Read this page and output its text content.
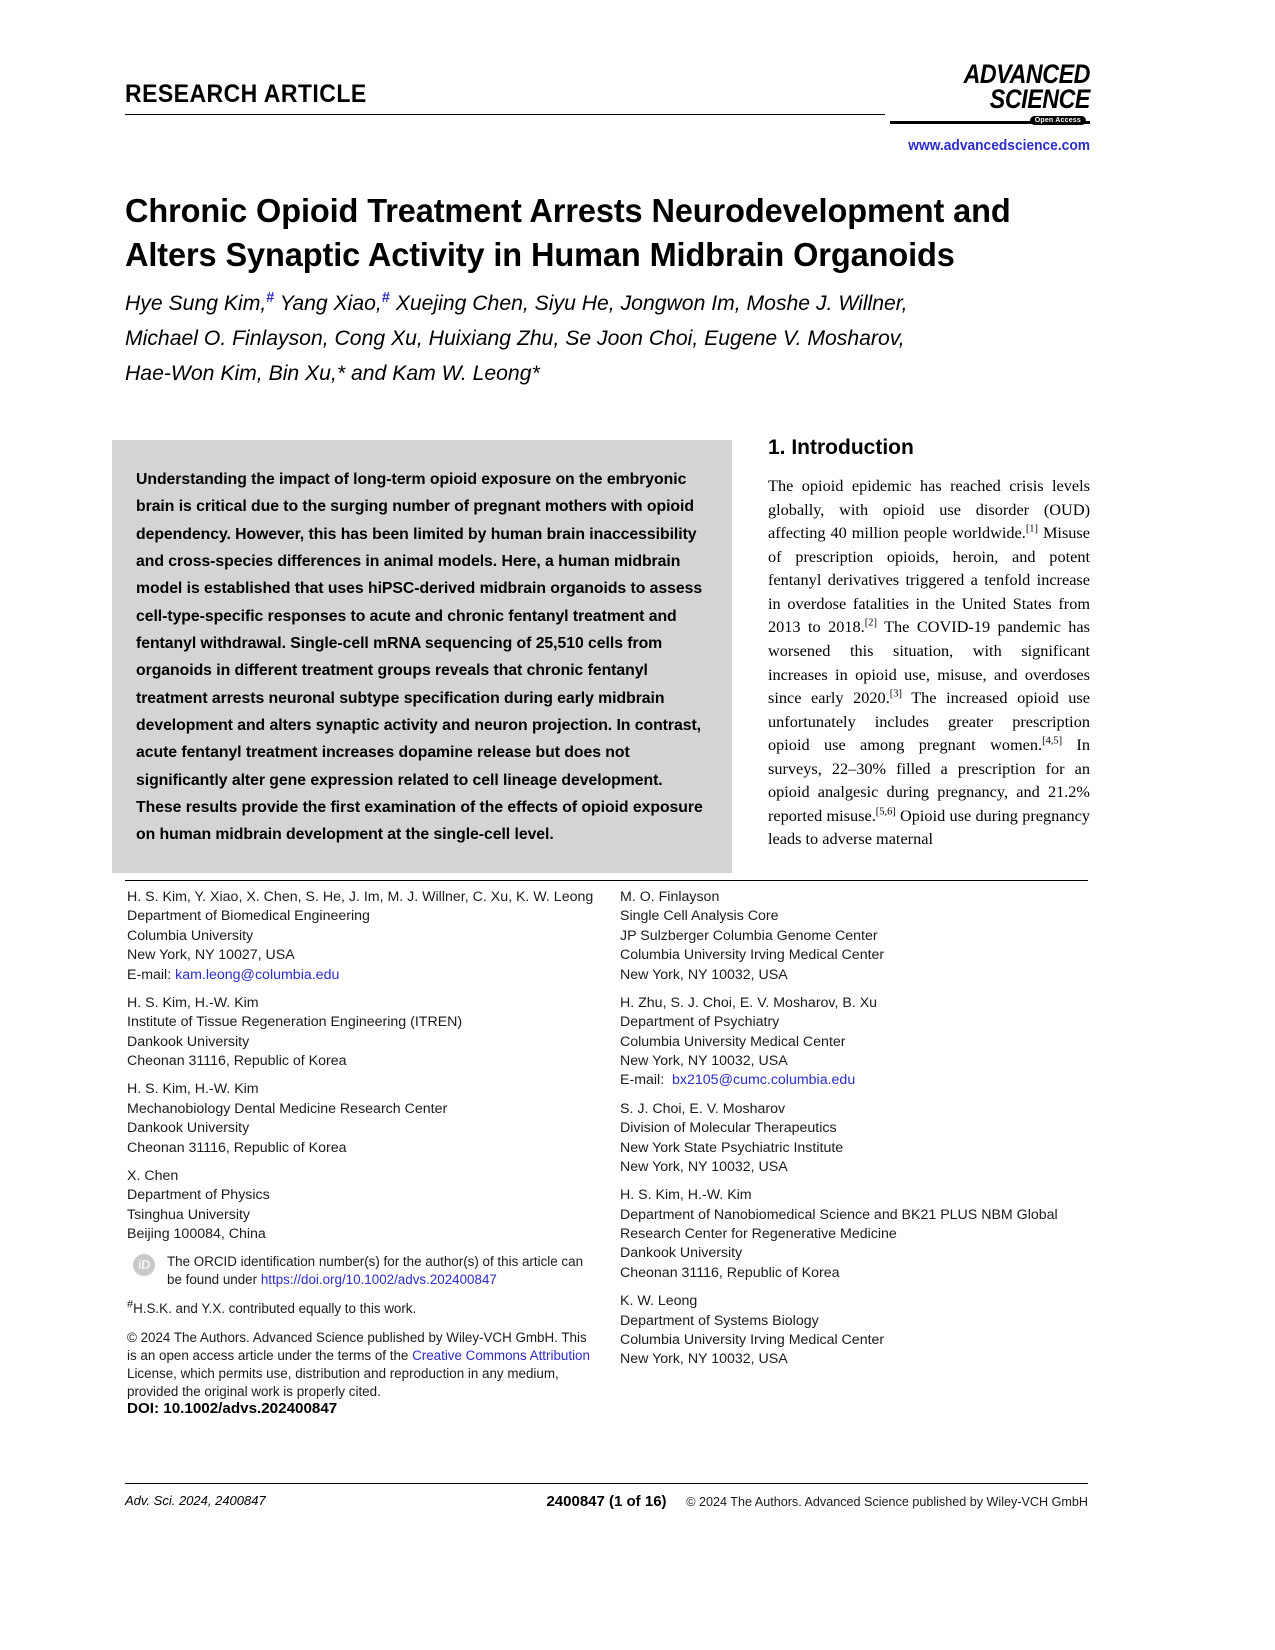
RESEARCH ARTICLE
ADVANCED
SCIENCE
Open Access
www.advancedscience.com
Chronic Opioid Treatment Arrests Neurodevelopment and Alters Synaptic Activity in Human Midbrain Organoids
Hye Sung Kim,# Yang Xiao,# Xuejing Chen, Siyu He, Jongwon Im, Moshe J. Willner,
Michael O. Finlayson, Cong Xu, Huixiang Zhu, Se Joon Choi, Eugene V. Mosharov,
Hae-Won Kim, Bin Xu,* and Kam W. Leong*
Understanding the impact of long-term opioid exposure on the embryonic brain is critical due to the surging number of pregnant mothers with opioid dependency. However, this has been limited by human brain inaccessibility and cross-species differences in animal models. Here, a human midbrain model is established that uses hiPSC-derived midbrain organoids to assess cell-type-specific responses to acute and chronic fentanyl treatment and fentanyl withdrawal. Single-cell mRNA sequencing of 25,510 cells from organoids in different treatment groups reveals that chronic fentanyl treatment arrests neuronal subtype specification during early midbrain development and alters synaptic activity and neuron projection. In contrast, acute fentanyl treatment increases dopamine release but does not significantly alter gene expression related to cell lineage development. These results provide the first examination of the effects of opioid exposure on human midbrain development at the single-cell level.
1. Introduction

The opioid epidemic has reached crisis levels globally, with opioid use disorder (OUD) affecting 40 million people worldwide.[1] Misuse of prescription opioids, heroin, and potent fentanyl derivatives triggered a tenfold increase in overdose fatalities in the United States from 2013 to 2018.[2] The COVID-19 pandemic has worsened this situation, with significant increases in opioid use, misuse, and overdoses since early 2020.[3] The increased opioid use unfortunately includes greater prescription opioid use among pregnant women.[4,5] In surveys, 22–30% filled a prescription for an opioid analgesic during pregnancy, and 21.2% reported misuse.[5,6] Opioid use during pregnancy leads to adverse maternal

H. S. Kim, Y. Xiao, X. Chen, S. He, J. Im, M. J. Willner, C. Xu, K. W. Leong
Department of Biomedical Engineering
Columbia University
New York, NY 10027, USA
E-mail: kam.leong@columbia.edu
H. S. Kim, H.-W. Kim
Institute of Tissue Regeneration Engineering (ITREN)
Dankook University
Cheonan 31116, Republic of Korea
H. S. Kim, H.-W. Kim
Mechanobiology Dental Medicine Research Center
Dankook University
Cheonan 31116, Republic of Korea
X. Chen
Department of Physics
Tsinghua University
Beijing 100084, China
M. O. Finlayson
Single Cell Analysis Core
JP Sulzberger Columbia Genome Center
Columbia University Irving Medical Center
New York, NY 10032, USA
H. Zhu, S. J. Choi, E. V. Mosharov, B. Xu
Department of Psychiatry
Columbia University Medical Center
New York, NY 10032, USA
E-mail:  bx2105@cumc.columbia.edu
S. J. Choi, E. V. Mosharov
Division of Molecular Therapeutics
New York State Psychiatric Institute
New York, NY 10032, USA
H. S. Kim, H.-W. Kim
Department of Nanobiomedical Science and BK21 PLUS NBM Global
Research Center for Regenerative Medicine
Dankook University
Cheonan 31116, Republic of Korea
K. W. Leong
Department of Systems Biology
Columbia University Irving Medical Center
New York, NY 10032, USA
iD	The ORCID identification number(s) for the author(s) of this article can be found under https://doi.org/10.1002/advs.202400847
#H.S.K. and Y.X. contributed equally to this work.
© 2024 The Authors. Advanced Science published by Wiley-VCH GmbH. This is an open access article under the terms of the Creative Commons Attribution License, which permits use, distribution and reproduction in any medium, provided the original work is properly cited.
DOI: 10.1002/advs.202400847
Adv. Sci. 2024, 2400847	2400847 (1 of 16)	© 2024 The Authors. Advanced Science published by Wiley-VCH GmbH
